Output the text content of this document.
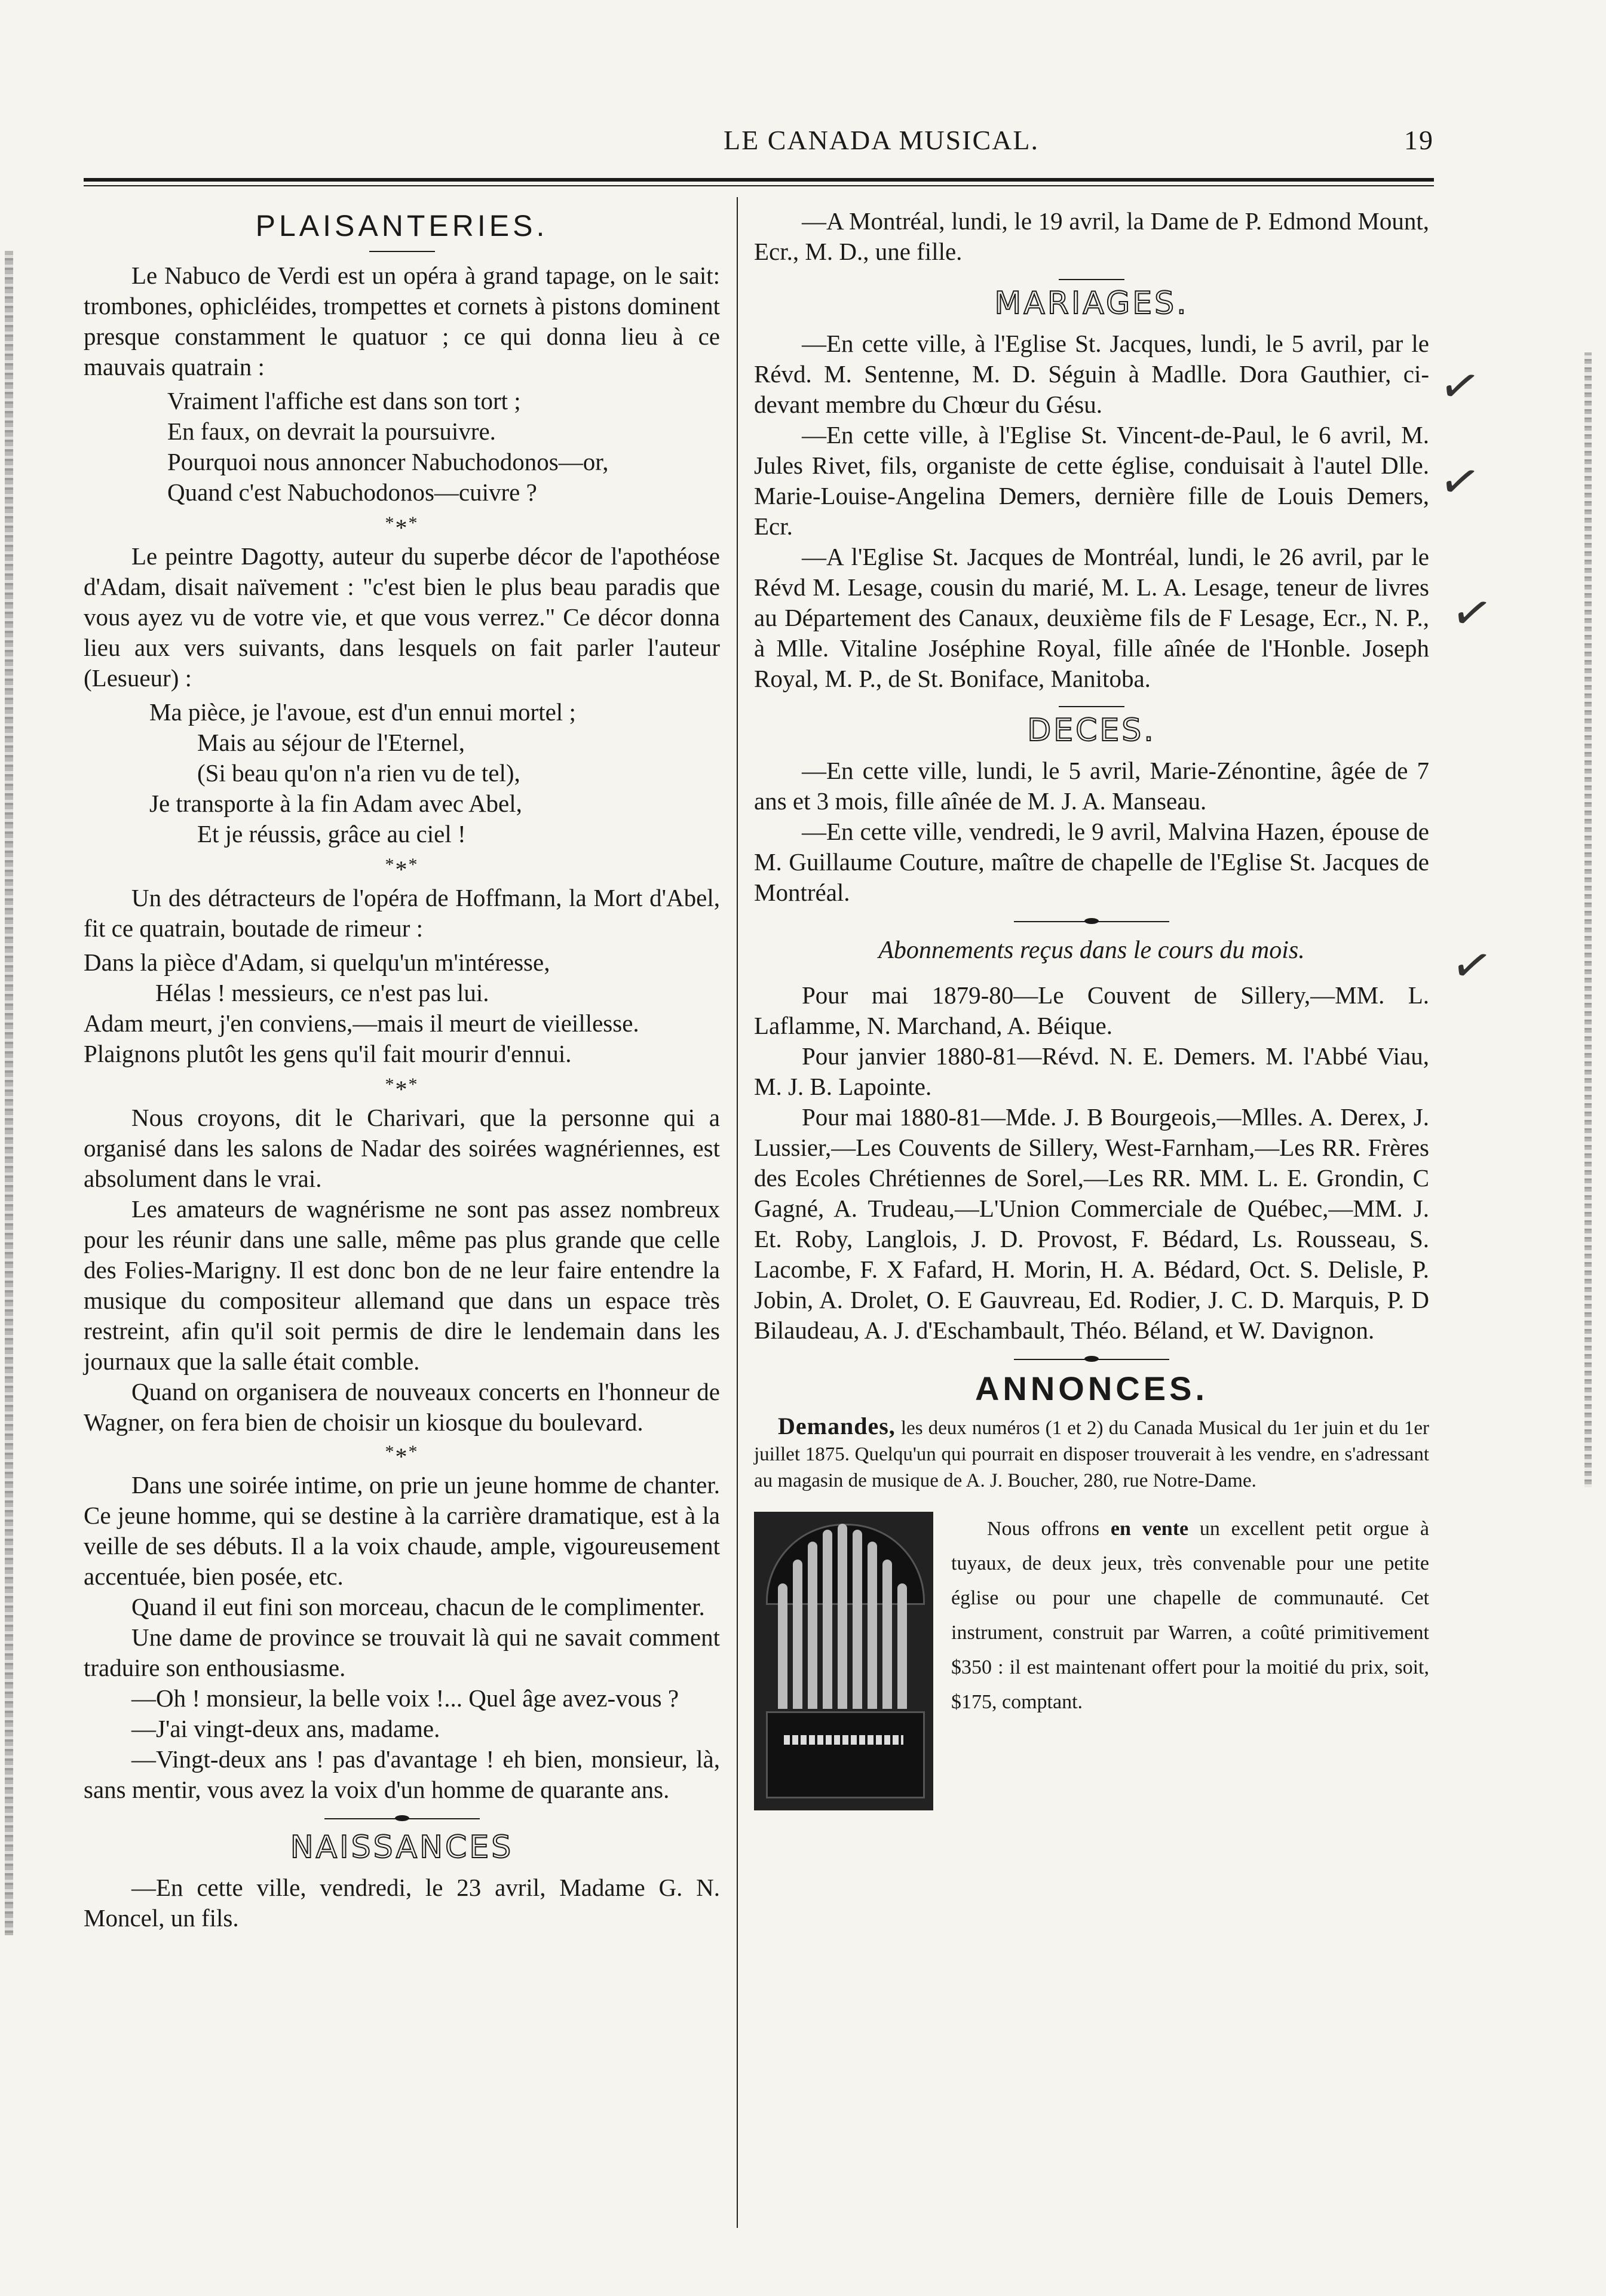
LE CANADA MUSICAL.	19
PLAISANTERIES.

Le Nabuco de Verdi est un opéra à grand tapage, on le sait: trombones, ophicléides, trompettes et cornets à pistons dominent presque constamment le quatuor ; ce qui donna lieu à ce mauvais quatrain :

Vraiment l'affiche est dans son tort ;
En faux, on devrait la poursuivre.
Pourquoi nous annoncer Nabuchodonos—or,
Quand c'est Nabuchodonos—cuivre ?
***

Le peintre Dagotty, auteur du superbe décor de l'apothéose d'Adam, disait naïvement : "c'est bien le plus beau paradis que vous ayez vu de votre vie, et que vous verrez." Ce décor donna lieu aux vers suivants, dans lesquels on fait parler l'auteur (Lesueur) :

Ma pièce, je l'avoue, est d'un ennui mortel ;
Mais au séjour de l'Eternel,
(Si beau qu'on n'a rien vu de tel),
Je transporte à la fin Adam avec Abel,
Et je réussis, grâce au ciel !
***

Un des détracteurs de l'opéra de Hoffmann, la Mort d'Abel, fit ce quatrain, boutade de rimeur :

Dans la pièce d'Adam, si quelqu'un m'intéresse,
Hélas ! messieurs, ce n'est pas lui.
Adam meurt, j'en conviens,—mais il meurt de vieillesse.
Plaignons plutôt les gens qu'il fait mourir d'ennui.
***

Nous croyons, dit le Charivari, que la personne qui a organisé dans les salons de Nadar des soirées wagnériennes, est absolument dans le vrai.

Les amateurs de wagnérisme ne sont pas assez nombreux pour les réunir dans une salle, même pas plus grande que celle des Folies-Marigny. Il est donc bon de ne leur faire entendre la musique du compositeur allemand que dans un espace très restreint, afin qu'il soit permis de dire le lendemain dans les journaux que la salle était comble.

Quand on organisera de nouveaux concerts en l'honneur de Wagner, on fera bien de choisir un kiosque du boulevard.

***

Dans une soirée intime, on prie un jeune homme de chanter. Ce jeune homme, qui se destine à la carrière dramatique, est à la veille de ses débuts. Il a la voix chaude, ample, vigoureusement accentuée, bien posée, etc.

Quand il eut fini son morceau, chacun de le complimenter.

Une dame de province se trouvait là qui ne savait comment traduire son enthousiasme.

—Oh ! monsieur, la belle voix !... Quel âge avez-vous ?

—J'ai vingt-deux ans, madame.

—Vingt-deux ans ! pas d'avantage ! eh bien, monsieur, là, sans mentir, vous avez la voix d'un homme de quarante ans.

NAISSANCES

—En cette ville, vendredi, le 23 avril, Madame G. N. Moncel, un fils.

—A Montréal, lundi, le 19 avril, la Dame de P. Edmond Mount, Ecr., M. D., une fille.

MARIAGES.

—En cette ville, à l'Eglise St. Jacques, lundi, le 5 avril, par le Révd. M. Sentenne, M. D. Séguin à Madlle. Dora Gauthier, ci-devant membre du Chœur du Gésu.

—En cette ville, à l'Eglise St. Vincent-de-Paul, le 6 avril, M. Jules Rivet, fils, organiste de cette église, conduisait à l'autel Dlle. Marie-Louise-Angelina Demers, dernière fille de Louis Demers, Ecr.

—A l'Eglise St. Jacques de Montréal, lundi, le 26 avril, par le Révd M. Lesage, cousin du marié, M. L. A. Lesage, teneur de livres au Département des Canaux, deuxième fils de F Lesage, Ecr., N. P., à Mlle. Vitaline Joséphine Royal, fille aînée de l'Honble. Joseph Royal, M. P., de St. Boniface, Manitoba.

DECES.

—En cette ville, lundi, le 5 avril, Marie-Zénontine, âgée de 7 ans et 3 mois, fille aînée de M. J. A. Manseau.

—En cette ville, vendredi, le 9 avril, Malvina Hazen, épouse de M. Guillaume Couture, maître de chapelle de l'Eglise St. Jacques de Montréal.

Abonnements reçus dans le cours du mois.

Pour mai 1879-80—Le Couvent de Sillery,—MM. L. Laflamme, N. Marchand, A. Béique.

Pour janvier 1880-81—Révd. N. E. Demers. M. l'Abbé Viau, M. J. B. Lapointe.

Pour mai 1880-81—Mde. J. B Bourgeois,—Mlles. A. Derex, J. Lussier,—Les Couvents de Sillery, West-Farnham,—Les RR. Frères des Ecoles Chrétiennes de Sorel,—Les RR. MM. L. E. Grondin, C Gagné, A. Trudeau,—L'Union Commerciale de Québec,—MM. J. Et. Roby, Langlois, J. D. Provost, F. Bédard, Ls. Rousseau, S. Lacombe, F. X Fafard, H. Morin, H. A. Bédard, Oct. S. Delisle, P. Jobin, A. Drolet, O. E Gauvreau, Ed. Rodier, J. C. D. Marquis, P. D Bilaudeau, A. J. d'Eschambault, Théo. Béland, et W. Davignon.

ANNONCES.

Demandes, les deux numéros (1 et 2) du Canada Musical du 1er juin et du 1er juillet 1875. Quelqu'un qui pourrait en disposer trouverait à les vendre, en s'adressant au magasin de musique de A. J. Boucher, 280, rue Notre-Dame.

Nous offrons en vente un excellent petit orgue à tuyaux, de deux jeux, très convenable pour une petite église ou pour une chapelle de communauté. Cet instrument, construit par Warren, a coûté primitivement $350 : il est maintenant offert pour la moitié du prix, soit, $175, comptant.

✓
✓
✓
✓
